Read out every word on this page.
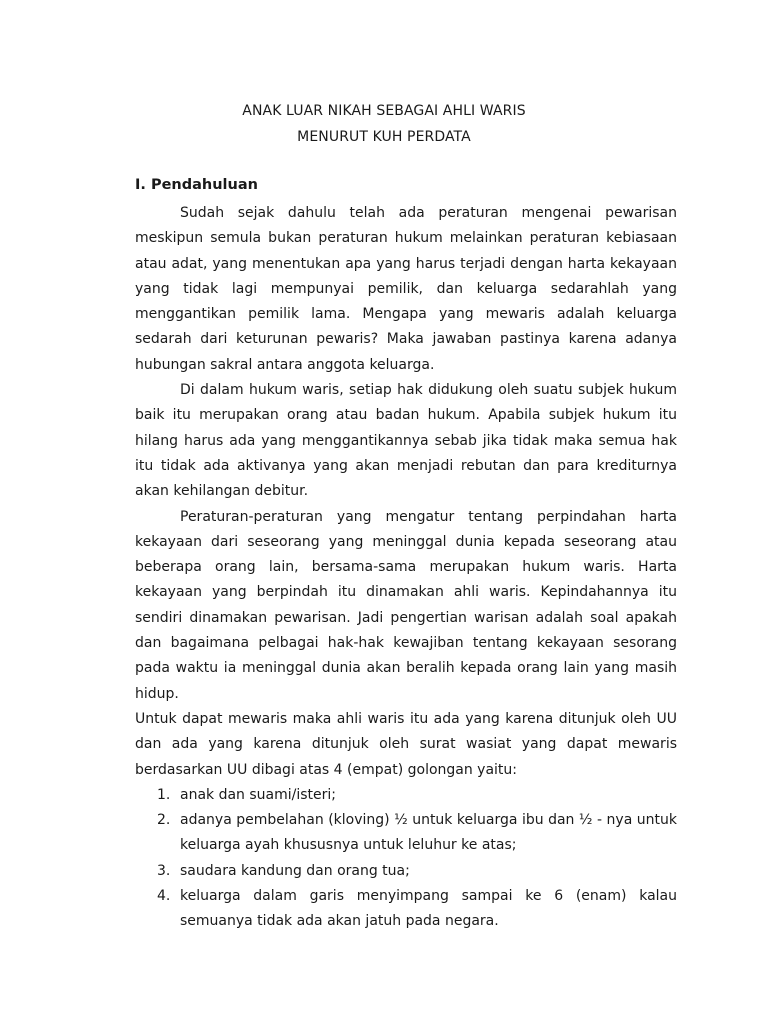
ANAK LUAR NIKAH SEBAGAI AHLI WARIS
MENURUT KUH PERDATA
I. Pendahuluan

Sudah sejak dahulu telah ada peraturan mengenai pewarisan meskipun semula bukan peraturan hukum melainkan peraturan kebiasaan atau adat, yang menentukan apa yang harus terjadi dengan harta kekayaan yang tidak lagi mempunyai pemilik, dan keluarga sedarahlah yang menggantikan pemilik lama. Mengapa yang mewaris adalah keluarga sedarah dari keturunan pewaris? Maka jawaban pastinya karena adanya hubungan sakral antara anggota keluarga.

Di dalam hukum waris, setiap hak didukung oleh suatu subjek hukum baik itu merupakan orang atau badan hukum. Apabila subjek hukum itu hilang harus ada yang menggantikannya sebab jika tidak maka semua hak itu tidak ada aktivanya yang akan menjadi rebutan dan para krediturnya akan kehilangan debitur.

Peraturan-peraturan yang mengatur tentang perpindahan harta kekayaan dari seseorang yang meninggal dunia kepada seseorang atau beberapa orang lain, bersama-sama merupakan hukum waris. Harta kekayaan yang berpindah itu dinamakan ahli waris. Kepindahannya itu sendiri dinamakan pewarisan. Jadi pengertian warisan adalah soal apakah dan bagaimana pelbagai hak-hak kewajiban tentang kekayaan sesorang pada waktu ia meninggal dunia akan beralih kepada orang lain yang masih hidup.

Untuk dapat mewaris maka ahli waris itu ada yang karena ditunjuk oleh UU dan ada yang karena ditunjuk oleh surat wasiat yang dapat mewaris berdasarkan UU dibagi atas 4 (empat) golongan yaitu:

1. anak dan suami/isteri;
2. adanya pembelahan (kloving) ½ untuk keluarga ibu dan ½ - nya untuk keluarga ayah khususnya untuk leluhur ke atas;
3. saudara kandung dan orang tua;
4. keluarga dalam garis menyimpang sampai ke 6 (enam) kalau semuanya tidak ada akan jatuh pada negara.
